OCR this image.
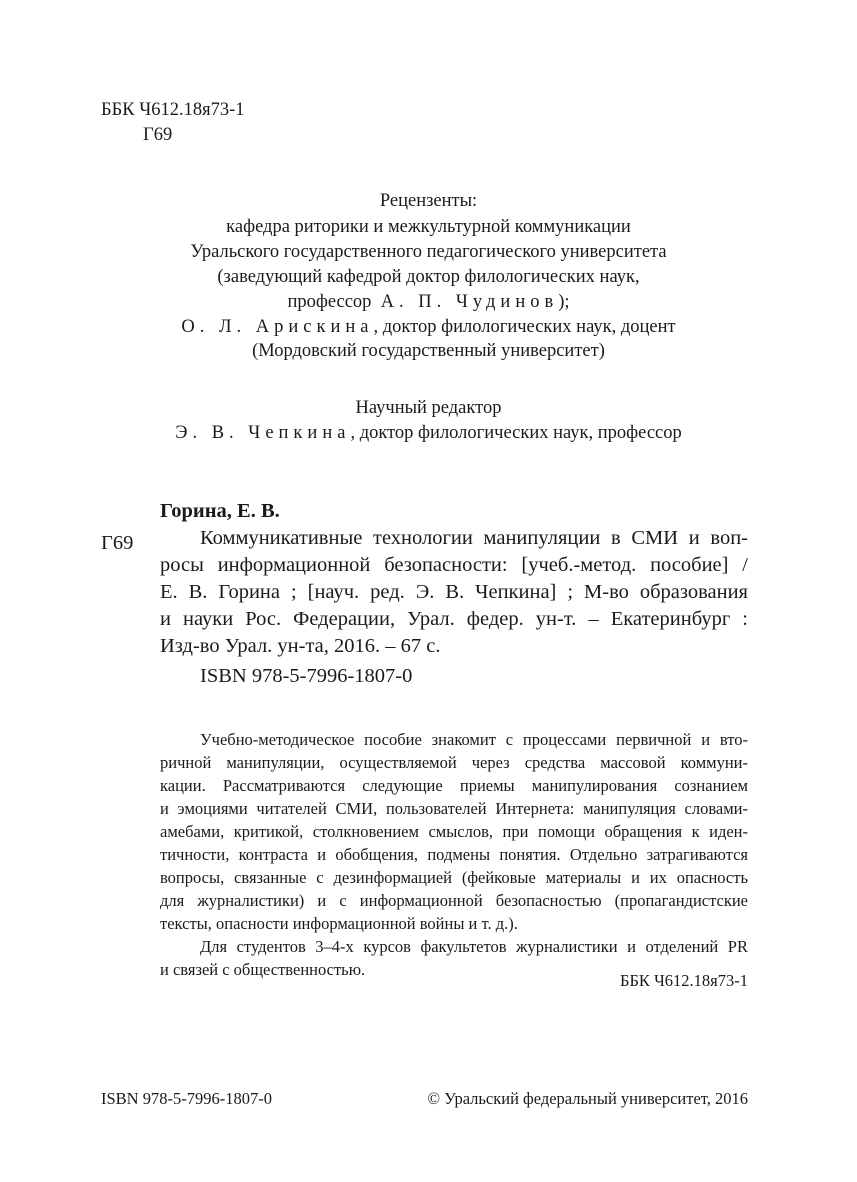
ББК Ч612.18я73-1
Г69
Рецензенты:
кафедра риторики и межкультурной коммуникации
Уральского государственного педагогического университета
(заведующий кафедрой доктор филологических наук,
профессор А. П. Чудинов);
О. Л. Арискина, доктор филологических наук, доцент
(Мордовский государственный университет)
Научный редактор
Э. В. Чепкина, доктор филологических наук, профессор
Горина, Е. В.
Г69	Коммуникативные технологии манипуляции в СМИ и воп-
росы информационной безопасности: [учеб.-метод. пособие] /
Е. В. Горина ; [науч. ред. Э. В. Чепкина] ; М-во образования
и науки Рос. Федерации, Урал. федер. ун-т. – Екатеринбург :
Изд-во Урал. ун-та, 2016. – 67 с.
ISBN 978-5-7996-1807-0
Учебно-методическое пособие знакомит с процессами первичной и вто-
ричной манипуляции, осуществляемой через средства массовой коммуни-
кации. Рассматриваются следующие приемы манипулирования сознанием
и эмоциями читателей СМИ, пользователей Интернета: манипуляция словами-
амебами, критикой, столкновением смыслов, при помощи обращения к иден-
тичности, контраста и обобщения, подмены понятия. Отдельно затрагиваются
вопросы, связанные с дезинформацией (фейковые материалы и их опасность
для журналистики) и с информационной безопасностью (пропагандистские
тексты, опасности информационной войны и т. д.).
Для студентов 3–4-х курсов факультетов журналистики и отделений PR
и связей с общественностью.
ББК Ч612.18я73-1
ISBN 978-5-7996-1807-0	© Уральский федеральный университет, 2016
